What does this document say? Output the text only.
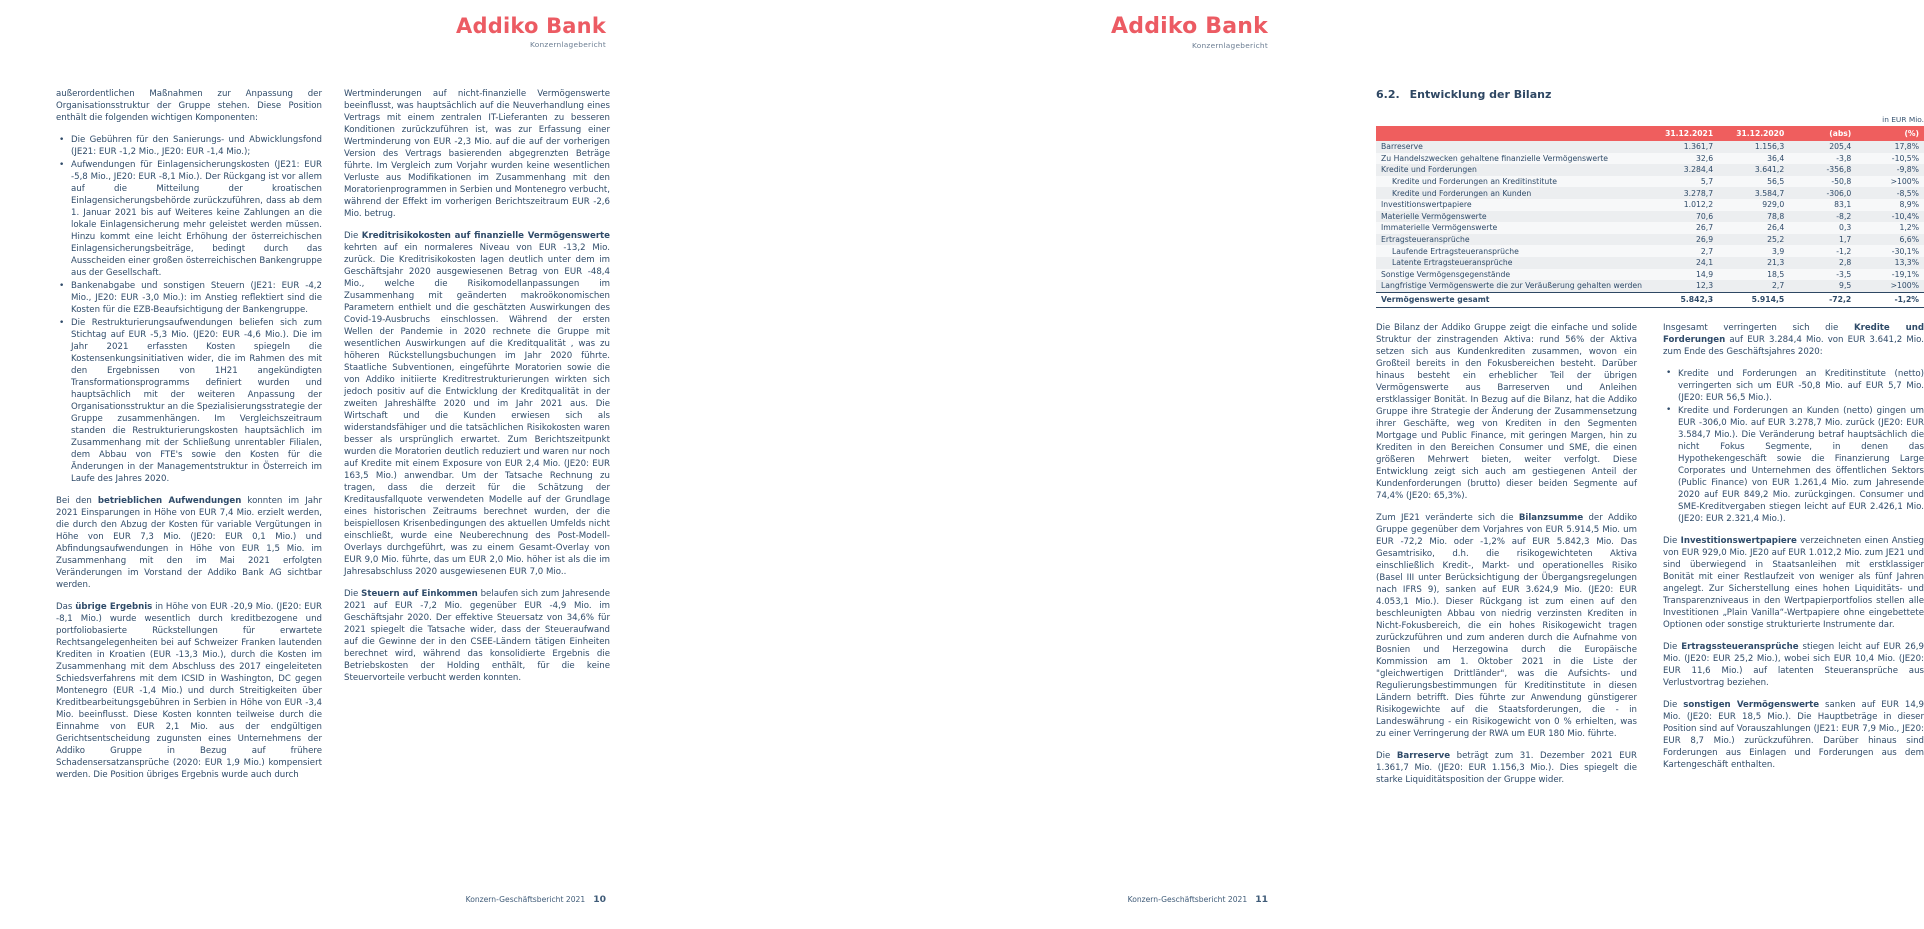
Addiko Bank
Konzernlagebericht

außerordentlichen Maßnahmen zur Anpassung der Organisationsstruktur der Gruppe stehen. Diese Position enthält die folgenden wichtigen Komponenten:

• Die Gebühren für den Sanierungs- und Abwicklungsfond (JE21: EUR -1,2 Mio., JE20: EUR -1,4 Mio.);
• Aufwendungen für Einlagensicherungskosten (JE21: EUR -5,8 Mio., JE20: EUR -8,1 Mio.). Der Rückgang ist vor allem auf die Mitteilung der kroatischen Einlagensicherungsbehörde zurückzuführen, dass ab dem 1. Januar 2021 bis auf Weiteres keine Zahlungen an die lokale Einlagensicherung mehr geleistet werden müssen. Hinzu kommt eine leicht Erhöhung der österreichischen Einlagensicherungsbeiträge, bedingt durch das Ausscheiden einer großen österreichischen Bankengruppe aus der Gesellschaft.
• Bankenabgabe und sonstigen Steuern (JE21: EUR -4,2 Mio., JE20: EUR -3,0 Mio.): im Anstieg reflektiert sind die Kosten für die EZB-Beaufsichtigung der Bankengruppe.
• Die Restrukturierungsaufwendungen beliefen sich zum Stichtag auf EUR -5,3 Mio. (JE20: EUR -4,6 Mio.). Die im Jahr 2021 erfassten Kosten spiegeln die Kostensenkungsinitiativen wider, die im Rahmen des mit den Ergebnissen von 1H21 angekündigten Transformationsprogramms definiert wurden und hauptsächlich mit der weiteren Anpassung der Organisationsstruktur an die Spezialisierungsstrategie der Gruppe zusammenhängen. Im Vergleichszeitraum standen die Restrukturierungskosten hauptsächlich im Zusammenhang mit der Schließung unrentabler Filialen, dem Abbau von FTE's sowie den Kosten für die Änderungen in der Managementstruktur in Österreich im Laufe des Jahres 2020.

Bei den betrieblichen Aufwendungen konnten im Jahr 2021 Einsparungen in Höhe von EUR 7,4 Mio. erzielt werden, die durch den Abzug der Kosten für variable Vergütungen in Höhe von EUR 7,3 Mio. (JE20: EUR 0,1 Mio.) und Abfindungsaufwendungen in Höhe von EUR 1,5 Mio. im Zusammenhang mit den im Mai 2021 erfolgten Veränderungen im Vorstand der Addiko Bank AG sichtbar werden.

Das übrige Ergebnis in Höhe von EUR -20,9 Mio. (JE20: EUR -8,1 Mio.) wurde wesentlich durch kreditbezogene und portfoliobasierte Rückstellungen für erwartete Rechtsangelegenheiten bei auf Schweizer Franken lautenden Krediten in Kroatien (EUR -13,3 Mio.), durch die Kosten im Zusammenhang mit dem Abschluss des 2017 eingeleiteten Schiedsverfahrens mit dem ICSID in Washington, DC gegen Montenegro (EUR -1,4 Mio.) und durch Streitigkeiten über Kreditbearbeitungsgebühren in Serbien in Höhe von EUR -3,4 Mio. beeinflusst. Diese Kosten konnten teilweise durch die Einnahme von EUR 2,1 Mio. aus der endgültigen Gerichtsentscheidung zugunsten eines Unternehmens der Addiko Gruppe in Bezug auf frühere Schadensersatzansprüche (2020: EUR 1,9 Mio.) kompensiert werden. Die Position übriges Ergebnis wurde auch durch

Wertminderungen auf nicht-finanzielle Vermögenswerte beeinflusst, was hauptsächlich auf die Neuverhandlung eines Vertrags mit einem zentralen IT-Lieferanten zu besseren Konditionen zurückzuführen ist, was zur Erfassung einer Wertminderung von EUR -2,3 Mio. auf die auf der vorherigen Version des Vertrags basierenden abgegrenzten Beträge führte. Im Vergleich zum Vorjahr wurden keine wesentlichen Verluste aus Modifikationen im Zusammenhang mit den Moratorienprogrammen in Serbien und Montenegro verbucht, während der Effekt im vorherigen Berichtszeitraum EUR -2,6 Mio. betrug.

Die Kreditrisikokosten auf finanzielle Vermögenswerte kehrten auf ein normaleres Niveau von EUR -13,2 Mio. zurück. Die Kreditrisikokosten lagen deutlich unter dem im Geschäftsjahr 2020 ausgewiesenen Betrag von EUR -48,4 Mio., welche die Risikomodellanpassungen im Zusammenhang mit geänderten makroökonomischen Parametern enthielt und die geschätzten Auswirkungen des Covid-19-Ausbruchs einschlossen. Während der ersten Wellen der Pandemie in 2020 rechnete die Gruppe mit wesentlichen Auswirkungen auf die Kreditqualität , was zu höheren Rückstellungsbuchungen im Jahr 2020 führte. Staatliche Subventionen, eingeführte Moratorien sowie die von Addiko initiierte Kreditrestrukturierungen wirkten sich jedoch positiv auf die Entwicklung der Kreditqualität in der zweiten Jahreshälfte 2020 und im Jahr 2021 aus. Die Wirtschaft und die Kunden erwiesen sich als widerstandsfähiger und die tatsächlichen Risikokosten waren besser als ursprünglich erwartet. Zum Berichtszeitpunkt wurden die Moratorien deutlich reduziert und waren nur noch auf Kredite mit einem Exposure von EUR 2,4 Mio. (JE20: EUR 163,5 Mio.) anwendbar. Um der Tatsache Rechnung zu tragen, dass die derzeit für die Schätzung der Kreditausfallquote verwendeten Modelle auf der Grundlage eines historischen Zeitraums berechnet wurden, der die beispiellosen Krisenbedingungen des aktuellen Umfelds nicht einschließt, wurde eine Neuberechnung des Post-Modell-Overlays durchgeführt, was zu einem Gesamt-Overlay von EUR 9,0 Mio. führte, das um EUR 2,0 Mio. höher ist als die im Jahresabschluss 2020 ausgewiesenen EUR 7,0 Mio..

Die Steuern auf Einkommen belaufen sich zum Jahresende 2021 auf EUR -7,2 Mio. gegenüber EUR -4,9 Mio. im Geschäftsjahr 2020. Der effektive Steuersatz von 34,6% für 2021 spiegelt die Tatsache wider, dass der Steueraufwand auf die Gewinne der in den CSEE-Ländern tätigen Einheiten berechnet wird, während das konsolidierte Ergebnis die Betriebskosten der Holding enthält, für die keine Steuervorteile verbucht werden konnten.

Konzern-Geschäftsbericht 2021 10
Addiko Bank
Konzernlagebericht
6.2. Entwicklung der Bilanz
in EUR Mio.
	31.12.2021	31.12.2020	(abs)	(%)
Barreserve	1.361,7	1.156,3	205,4	17,8%
Zu Handelszwecken gehaltene finanzielle Vermögenswerte	32,6	36,4	-3,8	-10,5%
Kredite und Forderungen	3.284,4	3.641,2	-356,8	-9,8%
Kredite und Forderungen an Kreditinstitute	5,7	56,5	-50,8	>100%
Kredite und Forderungen an Kunden	3.278,7	3.584,7	-306,0	-8,5%
Investitionswertpapiere	1.012,2	929,0	83,1	8,9%
Materielle Vermögenswerte	70,6	78,8	-8,2	-10,4%
Immaterielle Vermögenswerte	26,7	26,4	0,3	1,2%
Ertragsteueransprüche	26,9	25,2	1,7	6,6%
Laufende Ertragsteueransprüche	2,7	3,9	-1,2	-30,1%
Latente Ertragsteueransprüche	24,1	21,3	2,8	13,3%
Sonstige Vermögensgegenstände	14,9	18,5	-3,5	-19,1%
Langfristige Vermögenswerte die zur Veräußerung gehalten werden	12,3	2,7	9,5	>100%
Vermögenswerte gesamt	5.842,3	5.914,5	-72,2	-1,2%

Die Bilanz der Addiko Gruppe zeigt die einfache und solide Struktur der zinstragenden Aktiva: rund 56% der Aktiva setzen sich aus Kundenkrediten zusammen, wovon ein Großteil bereits in den Fokusbereichen besteht. Darüber hinaus besteht ein erheblicher Teil der übrigen Vermögenswerte aus Barreserven und Anleihen erstklassiger Bonität. In Bezug auf die Bilanz, hat die Addiko Gruppe ihre Strategie der Änderung der Zusammensetzung ihrer Geschäfte, weg von Krediten in den Segmenten Mortgage und Public Finance, mit geringen Margen, hin zu Krediten in den Bereichen Consumer und SME, die einen größeren Mehrwert bieten, weiter verfolgt. Diese Entwicklung zeigt sich auch am gestiegenen Anteil der Kundenforderungen (brutto) dieser beiden Segmente auf 74,4% (JE20: 65,3%).

Zum JE21 veränderte sich die Bilanzsumme der Addiko Gruppe gegenüber dem Vorjahres von EUR 5.914,5 Mio. um EUR -72,2 Mio. oder -1,2% auf EUR 5.842,3 Mio. Das Gesamtrisiko, d.h. die risikogewichteten Aktiva einschließlich Kredit-, Markt- und operationelles Risiko (Basel III unter Berücksichtigung der Übergangsregelungen nach IFRS 9), sanken auf EUR 3.624,9 Mio. (JE20: EUR 4.053,1 Mio.). Dieser Rückgang ist zum einen auf den beschleunigten Abbau von niedrig verzinsten Krediten in Nicht-Fokusbereich, die ein hohes Risikogewicht tragen zurückzuführen und zum anderen durch die Aufnahme von Bosnien und Herzegowina durch die Europäische Kommission am 1. Oktober 2021 in die Liste der "gleichwertigen Drittländer", was die Aufsichts- und Regulierungsbestimmungen für Kreditinstitute in diesen Ländern betrifft. Dies führte zur Anwendung günstigerer Risikogewichte auf die Staatsforderungen, die - in Landeswährung - ein Risikogewicht von 0 % erhielten, was zu einer Verringerung der RWA um EUR 180 Mio. führte.

Die Barreserve beträgt zum 31. Dezember 2021 EUR 1.361,7 Mio. (JE20: EUR 1.156,3 Mio.). Dies spiegelt die starke Liquiditätsposition der Gruppe wider.

Insgesamt verringerten sich die Kredite und Forderungen auf EUR 3.284,4 Mio. von EUR 3.641,2 Mio. zum Ende des Geschäftsjahres 2020:

• Kredite und Forderungen an Kreditinstitute (netto) verringerten sich um EUR -50,8 Mio. auf EUR 5,7 Mio. (JE20: EUR 56,5 Mio.).
• Kredite und Forderungen an Kunden (netto) gingen um EUR -306,0 Mio. auf EUR 3.278,7 Mio. zurück (JE20: EUR 3.584,7 Mio.). Die Veränderung betraf hauptsächlich die nicht Fokus Segmente, in denen das Hypothekengeschäft sowie die Finanzierung Large Corporates und Unternehmen des öffentlichen Sektors (Public Finance) von EUR 1.261,4 Mio. zum Jahresende 2020 auf EUR 849,2 Mio. zurückgingen. Consumer und SME-Kreditvergaben stiegen leicht auf EUR 2.426,1 Mio. (JE20: EUR 2.321,4 Mio.).

Die Investitionswertpapiere verzeichneten einen Anstieg von EUR 929,0 Mio. JE20 auf EUR 1.012,2 Mio. zum JE21 und sind überwiegend in Staatsanleihen mit erstklassiger Bonität mit einer Restlaufzeit von weniger als fünf Jahren angelegt. Zur Sicherstellung eines hohen Liquiditäts- und Transparenzniveaus in den Wertpapierportfolios stellen alle Investitionen „Plain Vanilla“-Wertpapiere ohne eingebettete Optionen oder sonstige strukturierte Instrumente dar.

Die Ertragssteueransprüche stiegen leicht auf EUR 26,9 Mio. (JE20: EUR 25,2 Mio.), wobei sich EUR 10,4 Mio. (JE20: EUR 11,6 Mio.) auf latenten Steueransprüche aus Verlustvortrag beziehen.

Die sonstigen Vermögenswerte sanken auf EUR 14,9 Mio. (JE20: EUR 18,5 Mio.). Die Hauptbeträge in dieser Position sind auf Vorauszahlungen (JE21: EUR 7,9 Mio., JE20: EUR 8,7 Mio.) zurückzuführen. Darüber hinaus sind Forderungen aus Einlagen und Forderungen aus dem Kartengeschäft enthalten.

Konzern-Geschäftsbericht 2021 11
